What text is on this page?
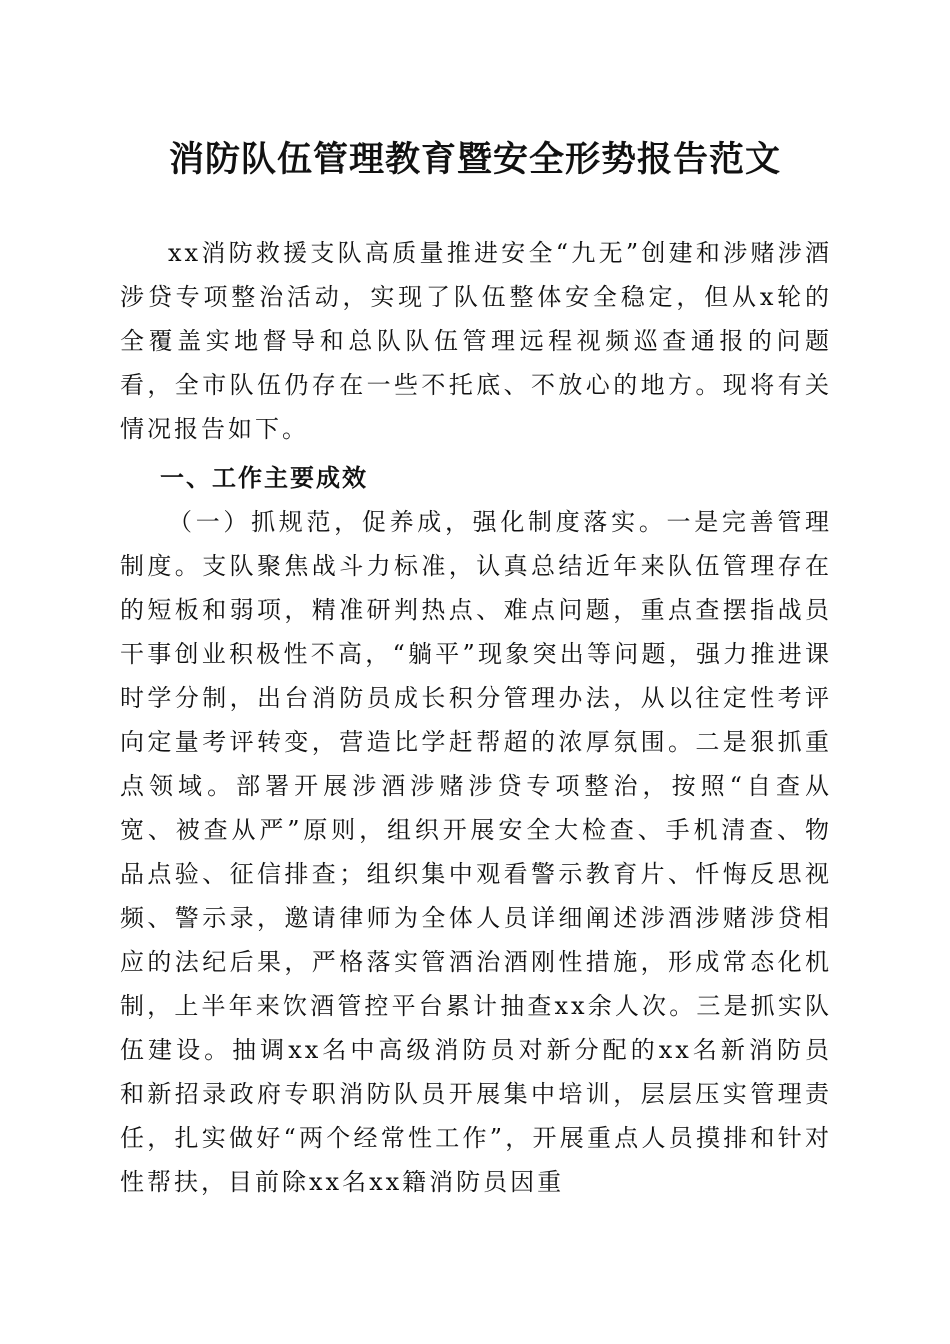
消防队伍管理教育暨安全形势报告范文

xx消防救援支队高质量推进安全“九无”创建和涉赌涉酒涉贷专项整治活动，实现了队伍整体安全稳定，但从x轮的全覆盖实地督导和总队队伍管理远程视频巡查通报的问题看，全市队伍仍存在一些不托底、不放心的地方。现将有关情况报告如下。

一、工作主要成效

（一）抓规范，促养成，强化制度落实。一是完善管理制度。支队聚焦战斗力标准，认真总结近年来队伍管理存在的短板和弱项，精准研判热点、难点问题，重点查摆指战员干事创业积极性不高，“躺平”现象突出等问题，强力推进课时学分制，出台消防员成长积分管理办法，从以往定性考评向定量考评转变，营造比学赶帮超的浓厚氛围。二是狠抓重点领域。部署开展涉酒涉赌涉贷专项整治，按照“自查从宽、被查从严”原则，组织开展安全大检查、手机清查、物品点验、征信排查；组织集中观看警示教育片、忏悔反思视频、警示录，邀请律师为全体人员详细阐述涉酒涉赌涉贷相应的法纪后果，严格落实管酒治酒刚性措施，形成常态化机制，上半年来饮酒管控平台累计抽查xx余人次。三是抓实队伍建设。抽调xx名中高级消防员对新分配的xx名新消防员和新招录政府专职消防队员开展集中培训，层层压实管理责任，扎实做好“两个经常性工作”，开展重点人员摸排和针对性帮扶，目前除xx名xx籍消防员因重
